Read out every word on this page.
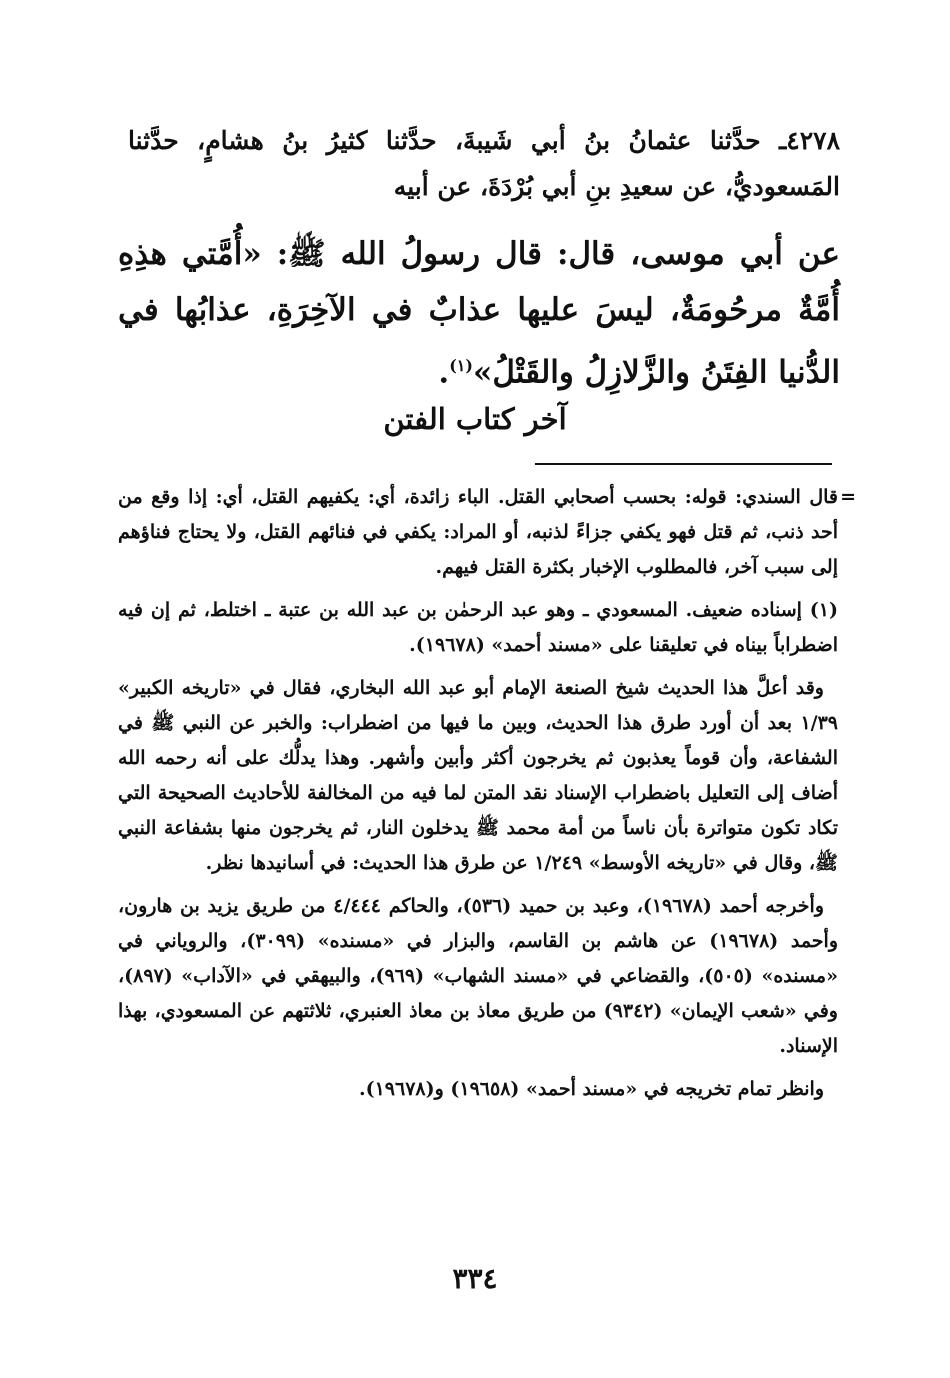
٤٢٧٨ـ حدَّثنا عثمانُ بنُ أبي شَيبةَ، حدَّثنا كثيرُ بنُ هشامٍ، حدَّثنا المَسعوديُّ، عن سعيدِ بنِ أبي بُرْدَةَ، عن أبيه
عن أبي موسى، قال: قال رسولُ الله ﷺ: «أُمَّتي هذِهِ أُمَّةٌ مرحُومَةٌ، ليسَ عليها عذابٌ في الآخِرَةِ، عذابُها في الدُّنيا الفِتَنُ والزَّلازِلُ والقَتْلُ»$^{(١)}$.
آخر كتاب الفتن
=

قال السندي: قوله: بحسب أصحابي القتل. الباء زائدة، أي: يكفيهم القتل، أي: إذا وقع من أحد ذنب، ثم قتل فهو يكفي جزاءً لذنبه، أو المراد: يكفي في فنائهم القتل، ولا يحتاج فناؤهم إلى سبب آخر، فالمطلوب الإخبار بكثرة القتل فيهم.

(١) إسناده ضعيف. المسعودي ـ وهو عبد الرحمٰن بن عبد الله بن عتبة ـ اختلط، ثم إن فيه اضطراباً بيناه في تعليقنا على «مسند أحمد» (١٩٦٧٨).

وقد أعلَّ هذا الحديث شيخ الصنعة الإمام أبو عبد الله البخاري، فقال في «تاريخه الكبير» ١/٣٩ بعد أن أورد طرق هذا الحديث، وبين ما فيها من اضطراب: والخبر عن النبي ﷺ في الشفاعة، وأن قوماً يعذبون ثم يخرجون أكثر وأبين وأشهر. وهذا يدلُّك على أنه رحمه الله أضاف إلى التعليل باضطراب الإسناد نقد المتن لما فيه من المخالفة للأحاديث الصحيحة التي تكاد تكون متواترة بأن ناساً من أمة محمد ﷺ يدخلون النار، ثم يخرجون منها بشفاعة النبي ﷺ، وقال في «تاريخه الأوسط» ١/٢٤٩ عن طرق هذا الحديث: في أسانيدها نظر.

وأخرجه أحمد (١٩٦٧٨)، وعبد بن حميد (٥٣٦)، والحاكم ٤/٤٤٤ من طريق يزيد بن هارون، وأحمد (١٩٦٧٨) عن هاشم بن القاسم، والبزار في «مسنده» (٣٠٩٩)، والروياني في «مسنده» (٥٠٥)، والقضاعي في «مسند الشهاب» (٩٦٩)، والبيهقي في «الآداب» (٨٩٧)، وفي «شعب الإيمان» (٩٣٤٢) من طريق معاذ بن معاذ العنبري، ثلاثتهم عن المسعودي، بهذا الإسناد.

وانظر تمام تخريجه في «مسند أحمد» (١٩٦٥٨) و(١٩٦٧٨).

٣٣٤
